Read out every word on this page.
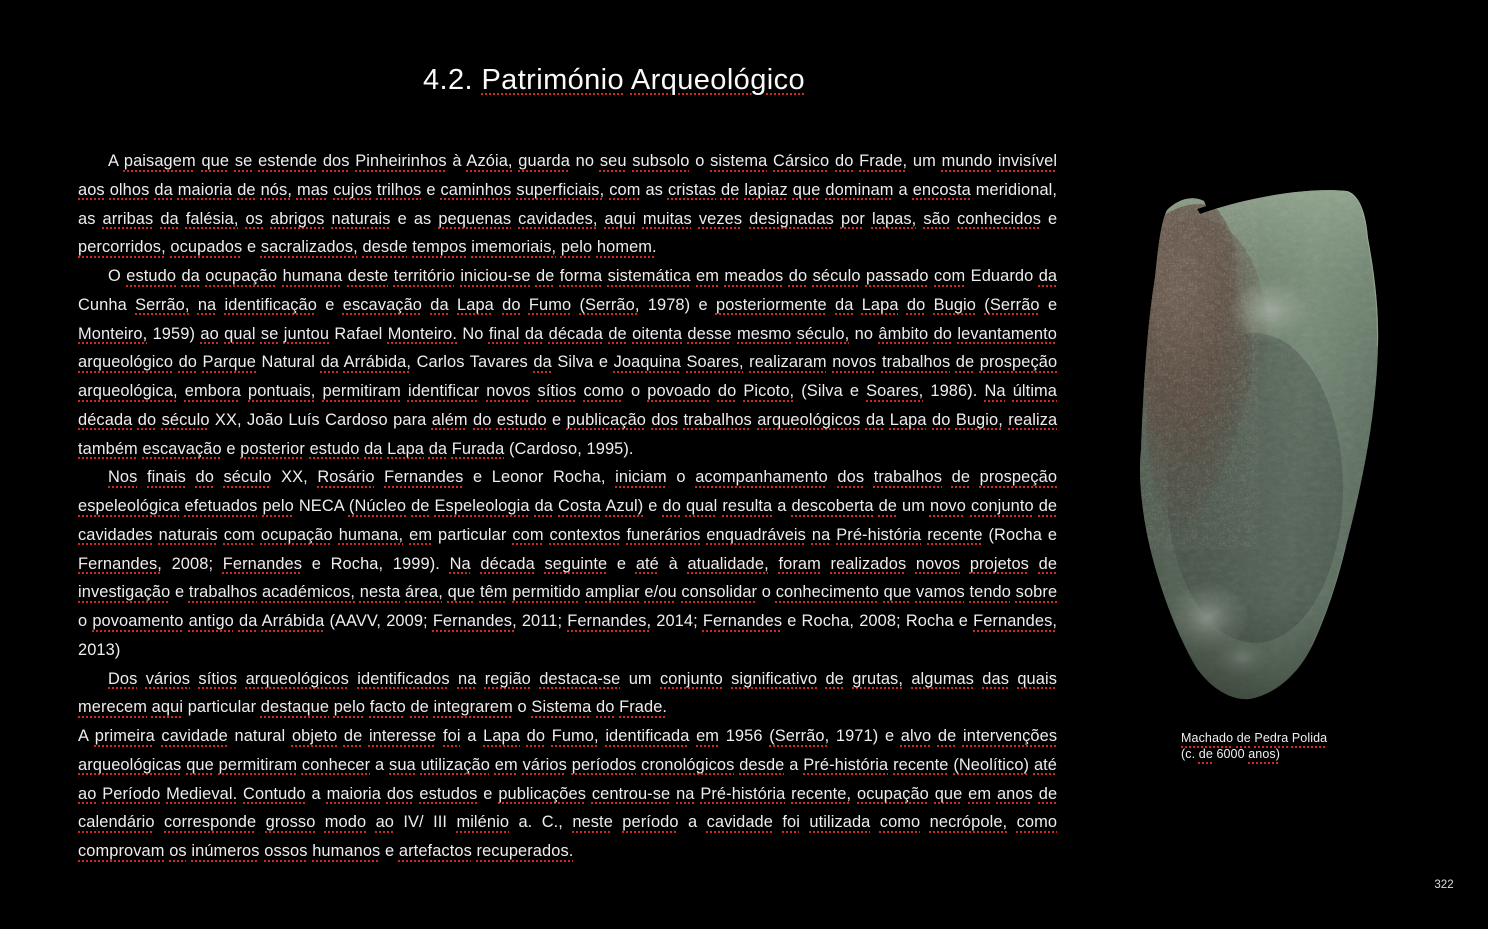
4.2. Património Arqueológico

A paisagem que se estende dos Pinheirinhos à Azóia, guarda no seu subsolo o sistema Cársico do Frade, um mundo invisível aos olhos da maioria de nós, mas cujos trilhos e caminhos superficiais, com as cristas de lapiaz que dominam a encosta meridional, as arribas da falésia, os abrigos naturais e as pequenas cavidades, aqui muitas vezes designadas por lapas, são conhecidos e percorridos, ocupados e sacralizados, desde tempos imemoriais, pelo homem.

O estudo da ocupação humana deste território iniciou-se de forma sistemática em meados do século passado com Eduardo da Cunha Serrão, na identificação e escavação da Lapa do Fumo (Serrão, 1978) e posteriormente da Lapa do Bugio (Serrão e Monteiro, 1959) ao qual se juntou Rafael Monteiro. No final da década de oitenta desse mesmo século, no âmbito do levantamento arqueológico do Parque Natural da Arrábida, Carlos Tavares da Silva e Joaquina Soares, realizaram novos trabalhos de prospeção arqueológica, embora pontuais, permitiram identificar novos sítios como o povoado do Picoto, (Silva e Soares, 1986). Na última década do século XX, João Luís Cardoso para além do estudo e publicação dos trabalhos arqueológicos da Lapa do Bugio, realiza também escavação e posterior estudo da Lapa da Furada (Cardoso, 1995).

Nos finais do século XX, Rosário Fernandes e Leonor Rocha, iniciam o acompanhamento dos trabalhos de prospeção espeleológica efetuados pelo NECA (Núcleo de Espeleologia da Costa Azul) e do qual resulta a descoberta de um novo conjunto de cavidades naturais com ocupação humana, em particular com contextos funerários enquadráveis na Pré-história recente (Rocha e Fernandes, 2008; Fernandes e Rocha, 1999). Na década seguinte e até à atualidade, foram realizados novos projetos de investigação e trabalhos académicos, nesta área, que têm permitido ampliar e/ou consolidar o conhecimento que vamos tendo sobre o povoamento antigo da Arrábida (AAVV, 2009; Fernandes, 2011; Fernandes, 2014; Fernandes e Rocha, 2008; Rocha e Fernandes, 2013)

Dos vários sítios arqueológicos identificados na região destaca-se um conjunto significativo de grutas, algumas das quais merecem aqui particular destaque pelo facto de integrarem o Sistema do Frade.

A primeira cavidade natural objeto de interesse foi a Lapa do Fumo, identificada em 1956 (Serrão, 1971) e alvo de intervenções arqueológicas que permitiram conhecer a sua utilização em vários períodos cronológicos desde a Pré-história recente (Neolítico) até ao Período Medieval. Contudo a maioria dos estudos e publicações centrou-se na Pré-história recente, ocupação que em anos de calendário corresponde grosso modo ao IV/ III milénio a. C., neste período a cavidade foi utilizada como necrópole, como comprovam os inúmeros ossos humanos e artefactos recuperados.

Machado de Pedra Polida
(c. de 6000 anos)
322
